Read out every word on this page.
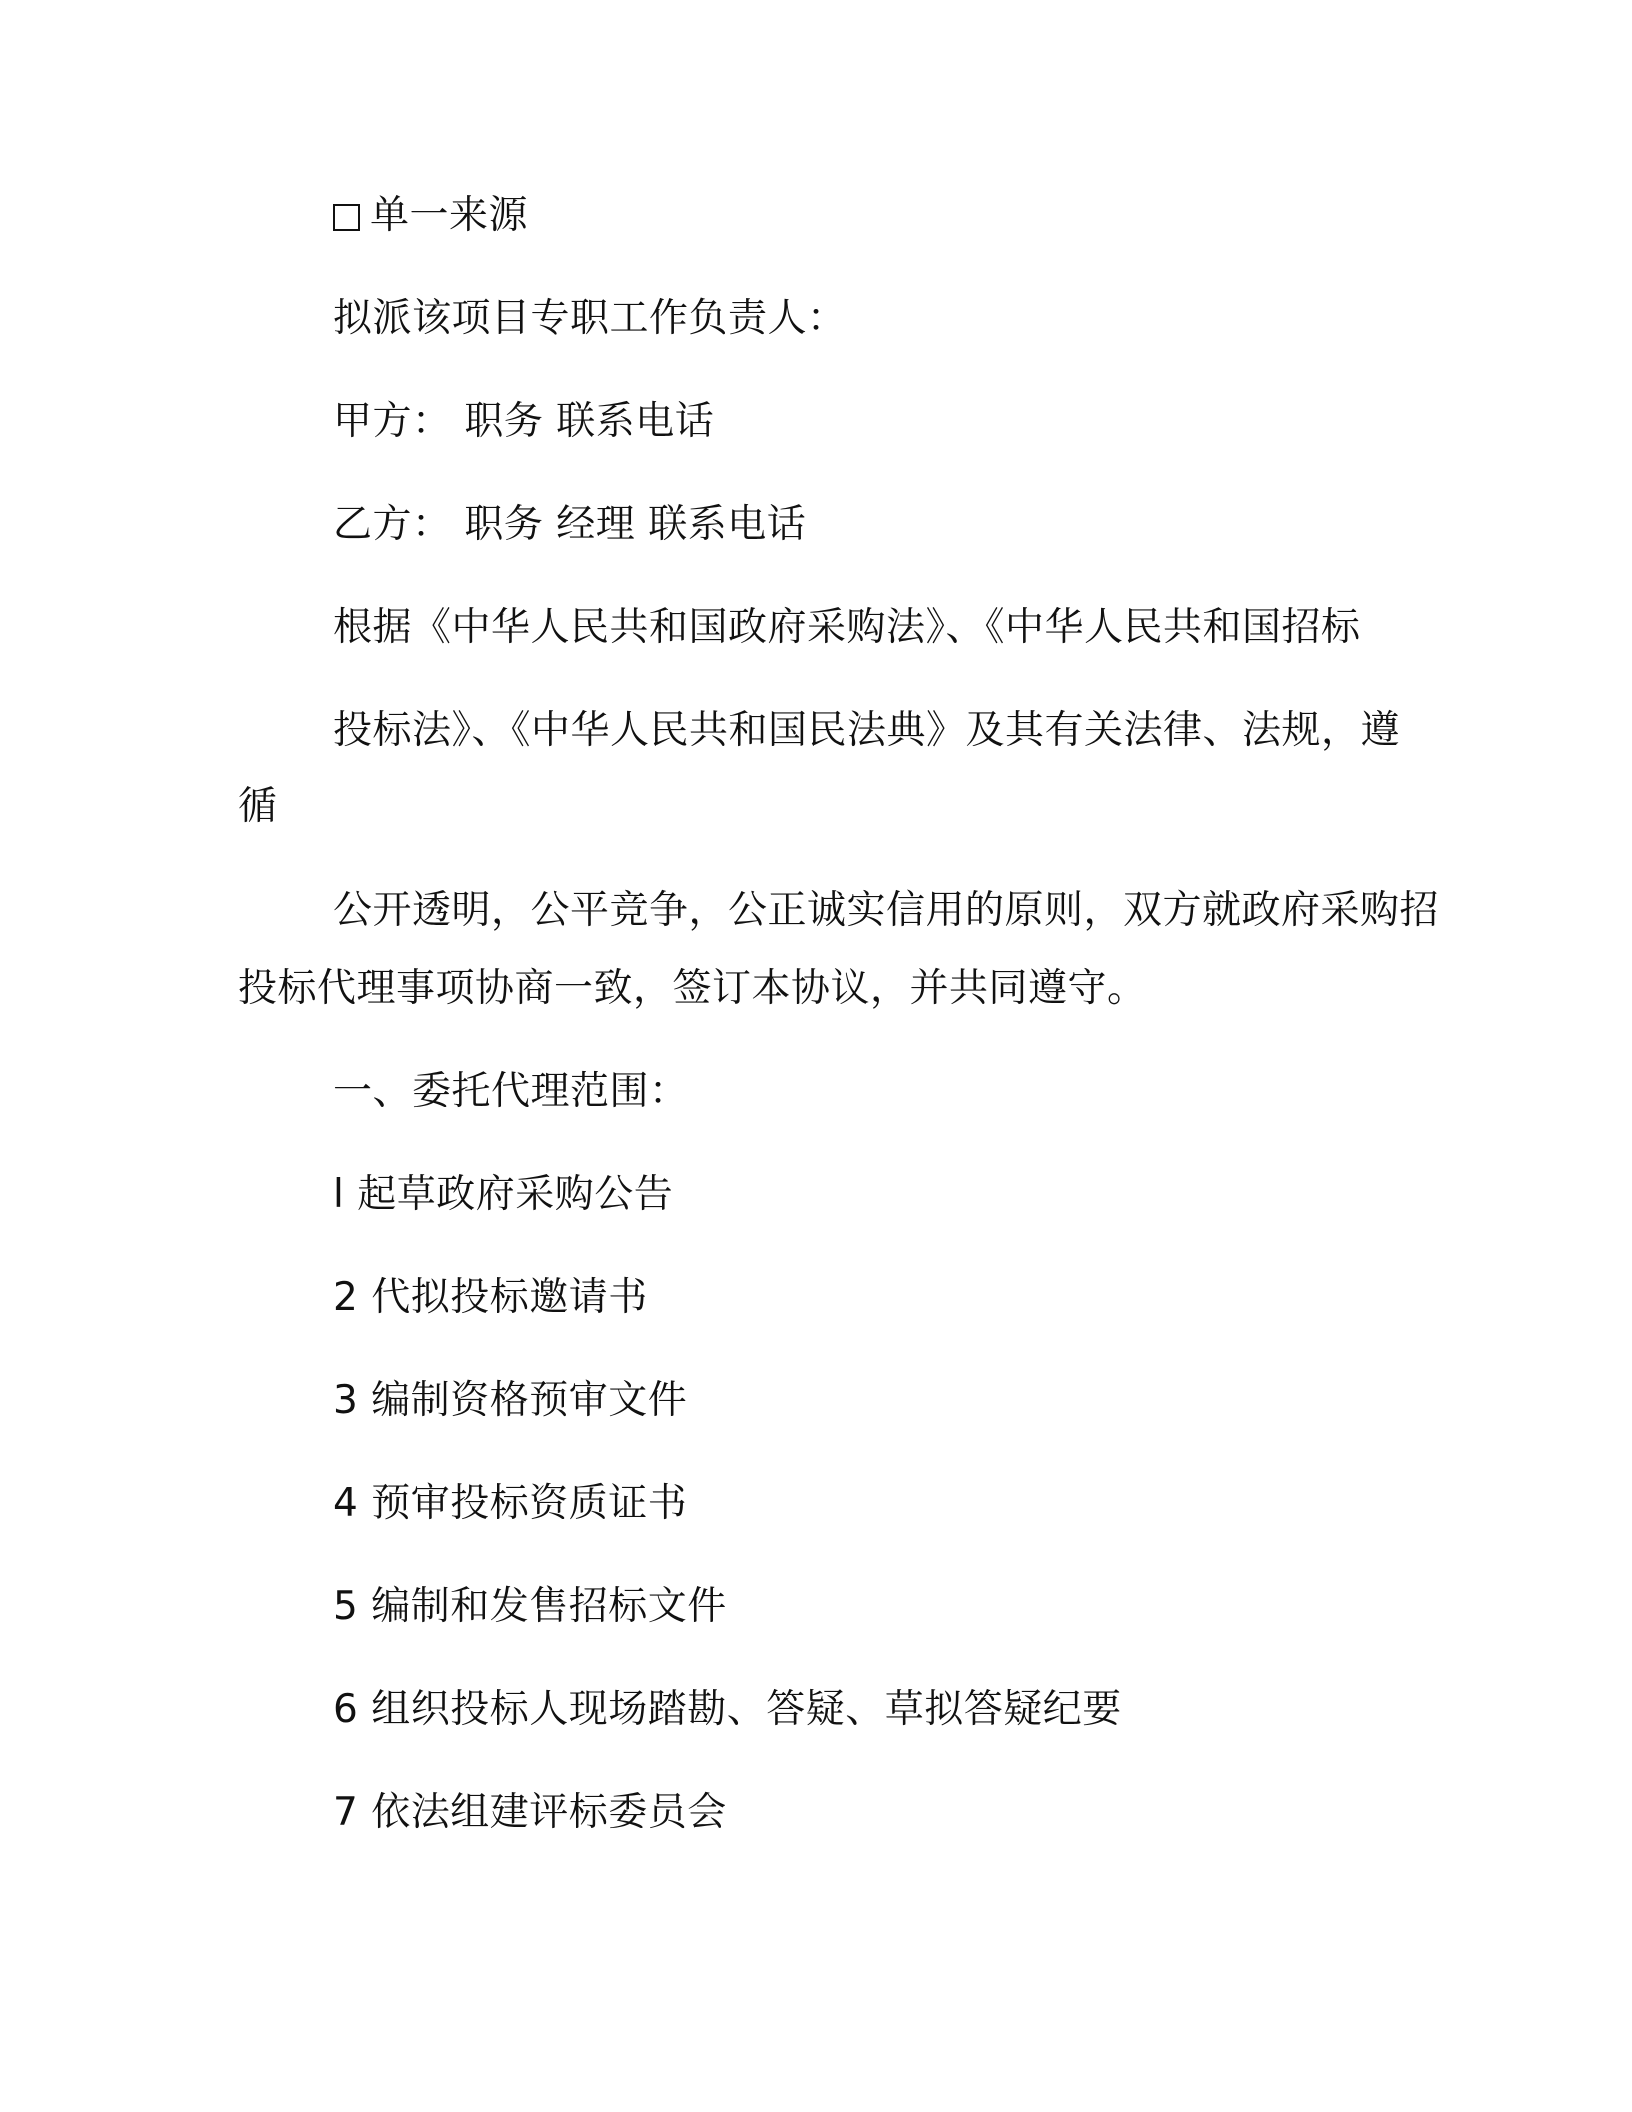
单一来源
拟派该项目专职工作负责人：
甲方： 职务 联系电话
乙方： 职务 经理 联系电话
根据《中华人民共和国政府采购法》、《中华人民共和国招标
投标法》、《中华人民共和国民法典》及其有关法律、法规，遵
循
公开透明，公平竞争，公正诚实信用的原则，双方就政府采购招
投标代理事项协商一致，签订本协议，并共同遵守。
一、委托代理范围：
l 起草政府采购公告
2 代拟投标邀请书
3 编制资格预审文件
4 预审投标资质证书
5 编制和发售招标文件
6 组织投标人现场踏勘、答疑、草拟答疑纪要
7 依法组建评标委员会
